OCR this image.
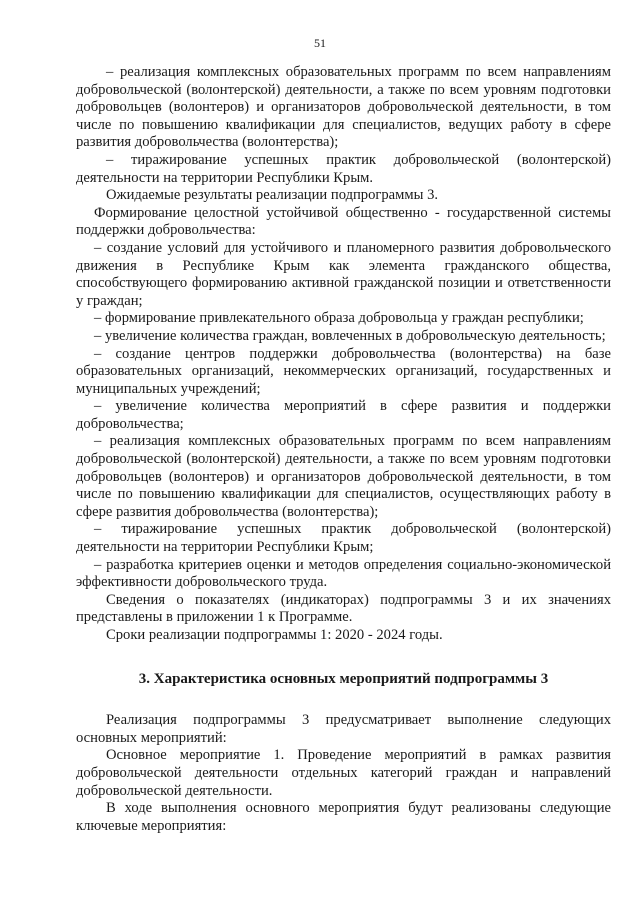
51

– реализация комплексных образовательных программ по всем направлениям добровольческой (волонтерской) деятельности, а также по всем уровням подготовки добровольцев (волонтеров) и организаторов добровольческой деятельности, в том числе по повышению квалификации для специалистов, ведущих работу в сфере развития добровольчества (волонтерства);

– тиражирование успешных практик добровольческой (волонтерской) деятельности на территории Республики Крым.

Ожидаемые результаты реализации подпрограммы 3.

Формирование целостной устойчивой общественно - государственной системы поддержки добровольчества:

– создание условий для устойчивого и планомерного развития добровольческого движения в Республике Крым как элемента гражданского общества, способствующего формированию активной гражданской позиции и ответственности у граждан;

– формирование привлекательного образа добровольца у граждан республики;

– увеличение количества граждан, вовлеченных в добровольческую деятельность;

– создание центров поддержки добровольчества (волонтерства) на базе образовательных организаций, некоммерческих организаций, государственных и муниципальных учреждений;

– увеличение количества мероприятий в сфере развития и поддержки добровольчества;

– реализация комплексных образовательных программ по всем направлениям добровольческой (волонтерской) деятельности, а также по всем уровням подготовки добровольцев (волонтеров) и организаторов добровольческой деятельности, в том числе по повышению квалификации для специалистов, осуществляющих работу в сфере развития добровольчества (волонтерства);

– тиражирование успешных практик добровольческой (волонтерской) деятельности на территории Республики Крым;

– разработка критериев оценки и методов определения социально-экономической эффективности добровольческого труда.

Сведения о показателях (индикаторах) подпрограммы 3 и их значениях представлены в приложении 1 к Программе.

Сроки реализации подпрограммы 1: 2020 - 2024 годы.

3. Характеристика основных мероприятий подпрограммы 3

Реализация подпрограммы 3 предусматривает выполнение следующих основных мероприятий:

Основное мероприятие 1. Проведение мероприятий в рамках развития добровольческой деятельности отдельных категорий граждан и направлений добровольческой деятельности.

В ходе выполнения основного мероприятия будут реализованы следующие ключевые мероприятия:
